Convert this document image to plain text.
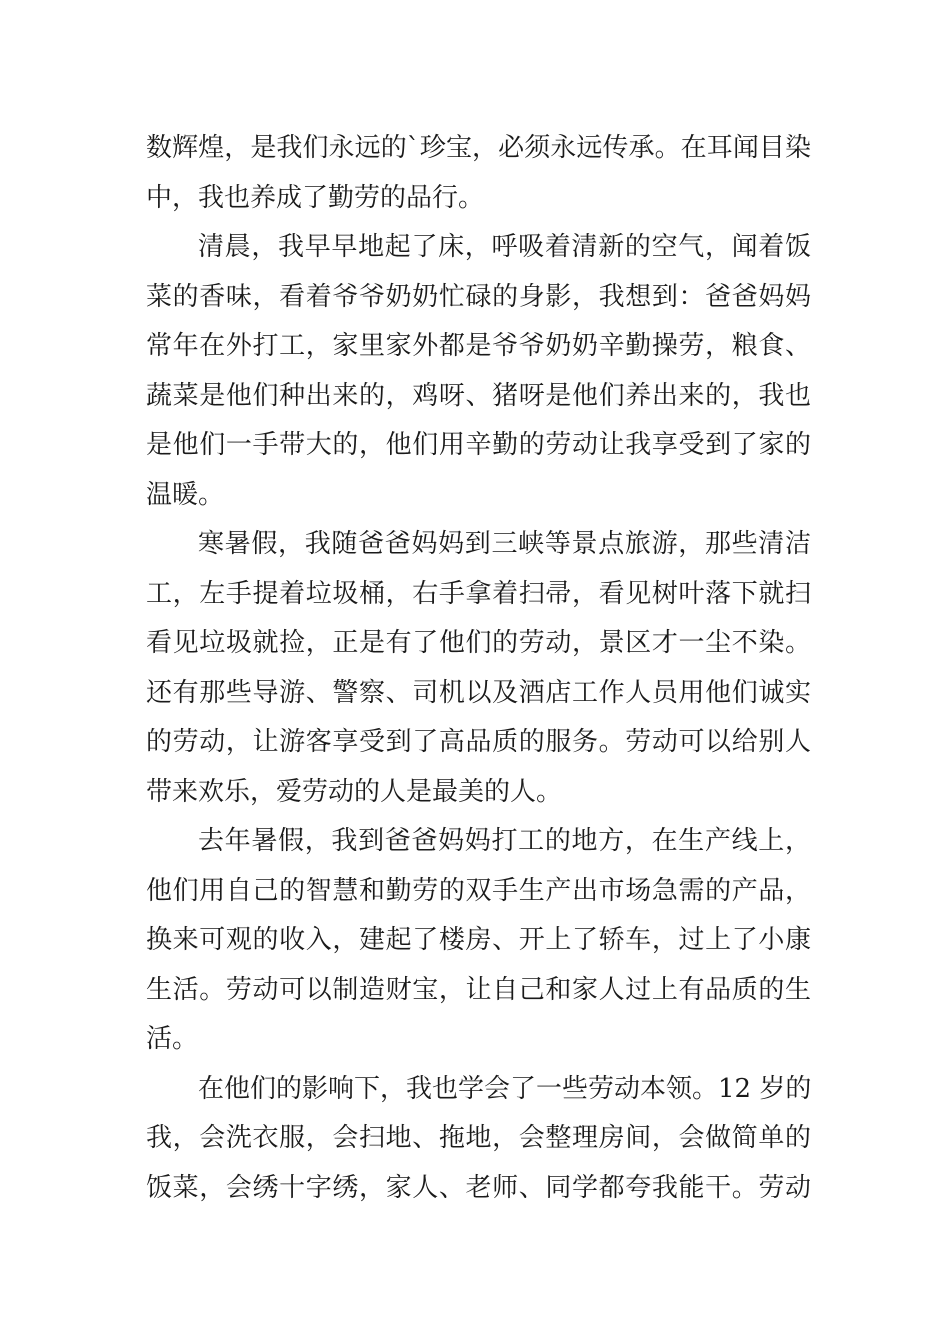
数辉煌，是我们永远的`珍宝，必须永远传承。在耳闻目染
中，我也养成了勤劳的品行。
清晨，我早早地起了床，呼吸着清新的空气，闻着饭
菜的香味，看着爷爷奶奶忙碌的身影，我想到：爸爸妈妈
常年在外打工，家里家外都是爷爷奶奶辛勤操劳，粮食、
蔬菜是他们种出来的，鸡呀、猪呀是他们养出来的，我也
是他们一手带大的，他们用辛勤的劳动让我享受到了家的
温暖。
寒暑假，我随爸爸妈妈到三峡等景点旅游，那些清洁
工，左手提着垃圾桶，右手拿着扫帚，看见树叶落下就扫
看见垃圾就捡，正是有了他们的劳动，景区才一尘不染。
还有那些导游、警察、司机以及酒店工作人员用他们诚实
的劳动，让游客享受到了高品质的服务。劳动可以给别人
带来欢乐，爱劳动的人是最美的人。
去年暑假，我到爸爸妈妈打工的地方，在生产线上，
他们用自己的智慧和勤劳的双手生产出市场急需的产品，
换来可观的收入，建起了楼房、开上了轿车，过上了小康
生活。劳动可以制造财宝，让自己和家人过上有品质的生
活。
在他们的影响下，我也学会了一些劳动本领。12 岁的
我，会洗衣服，会扫地、拖地，会整理房间，会做简单的
饭菜，会绣十字绣，家人、老师、同学都夸我能干。劳动
